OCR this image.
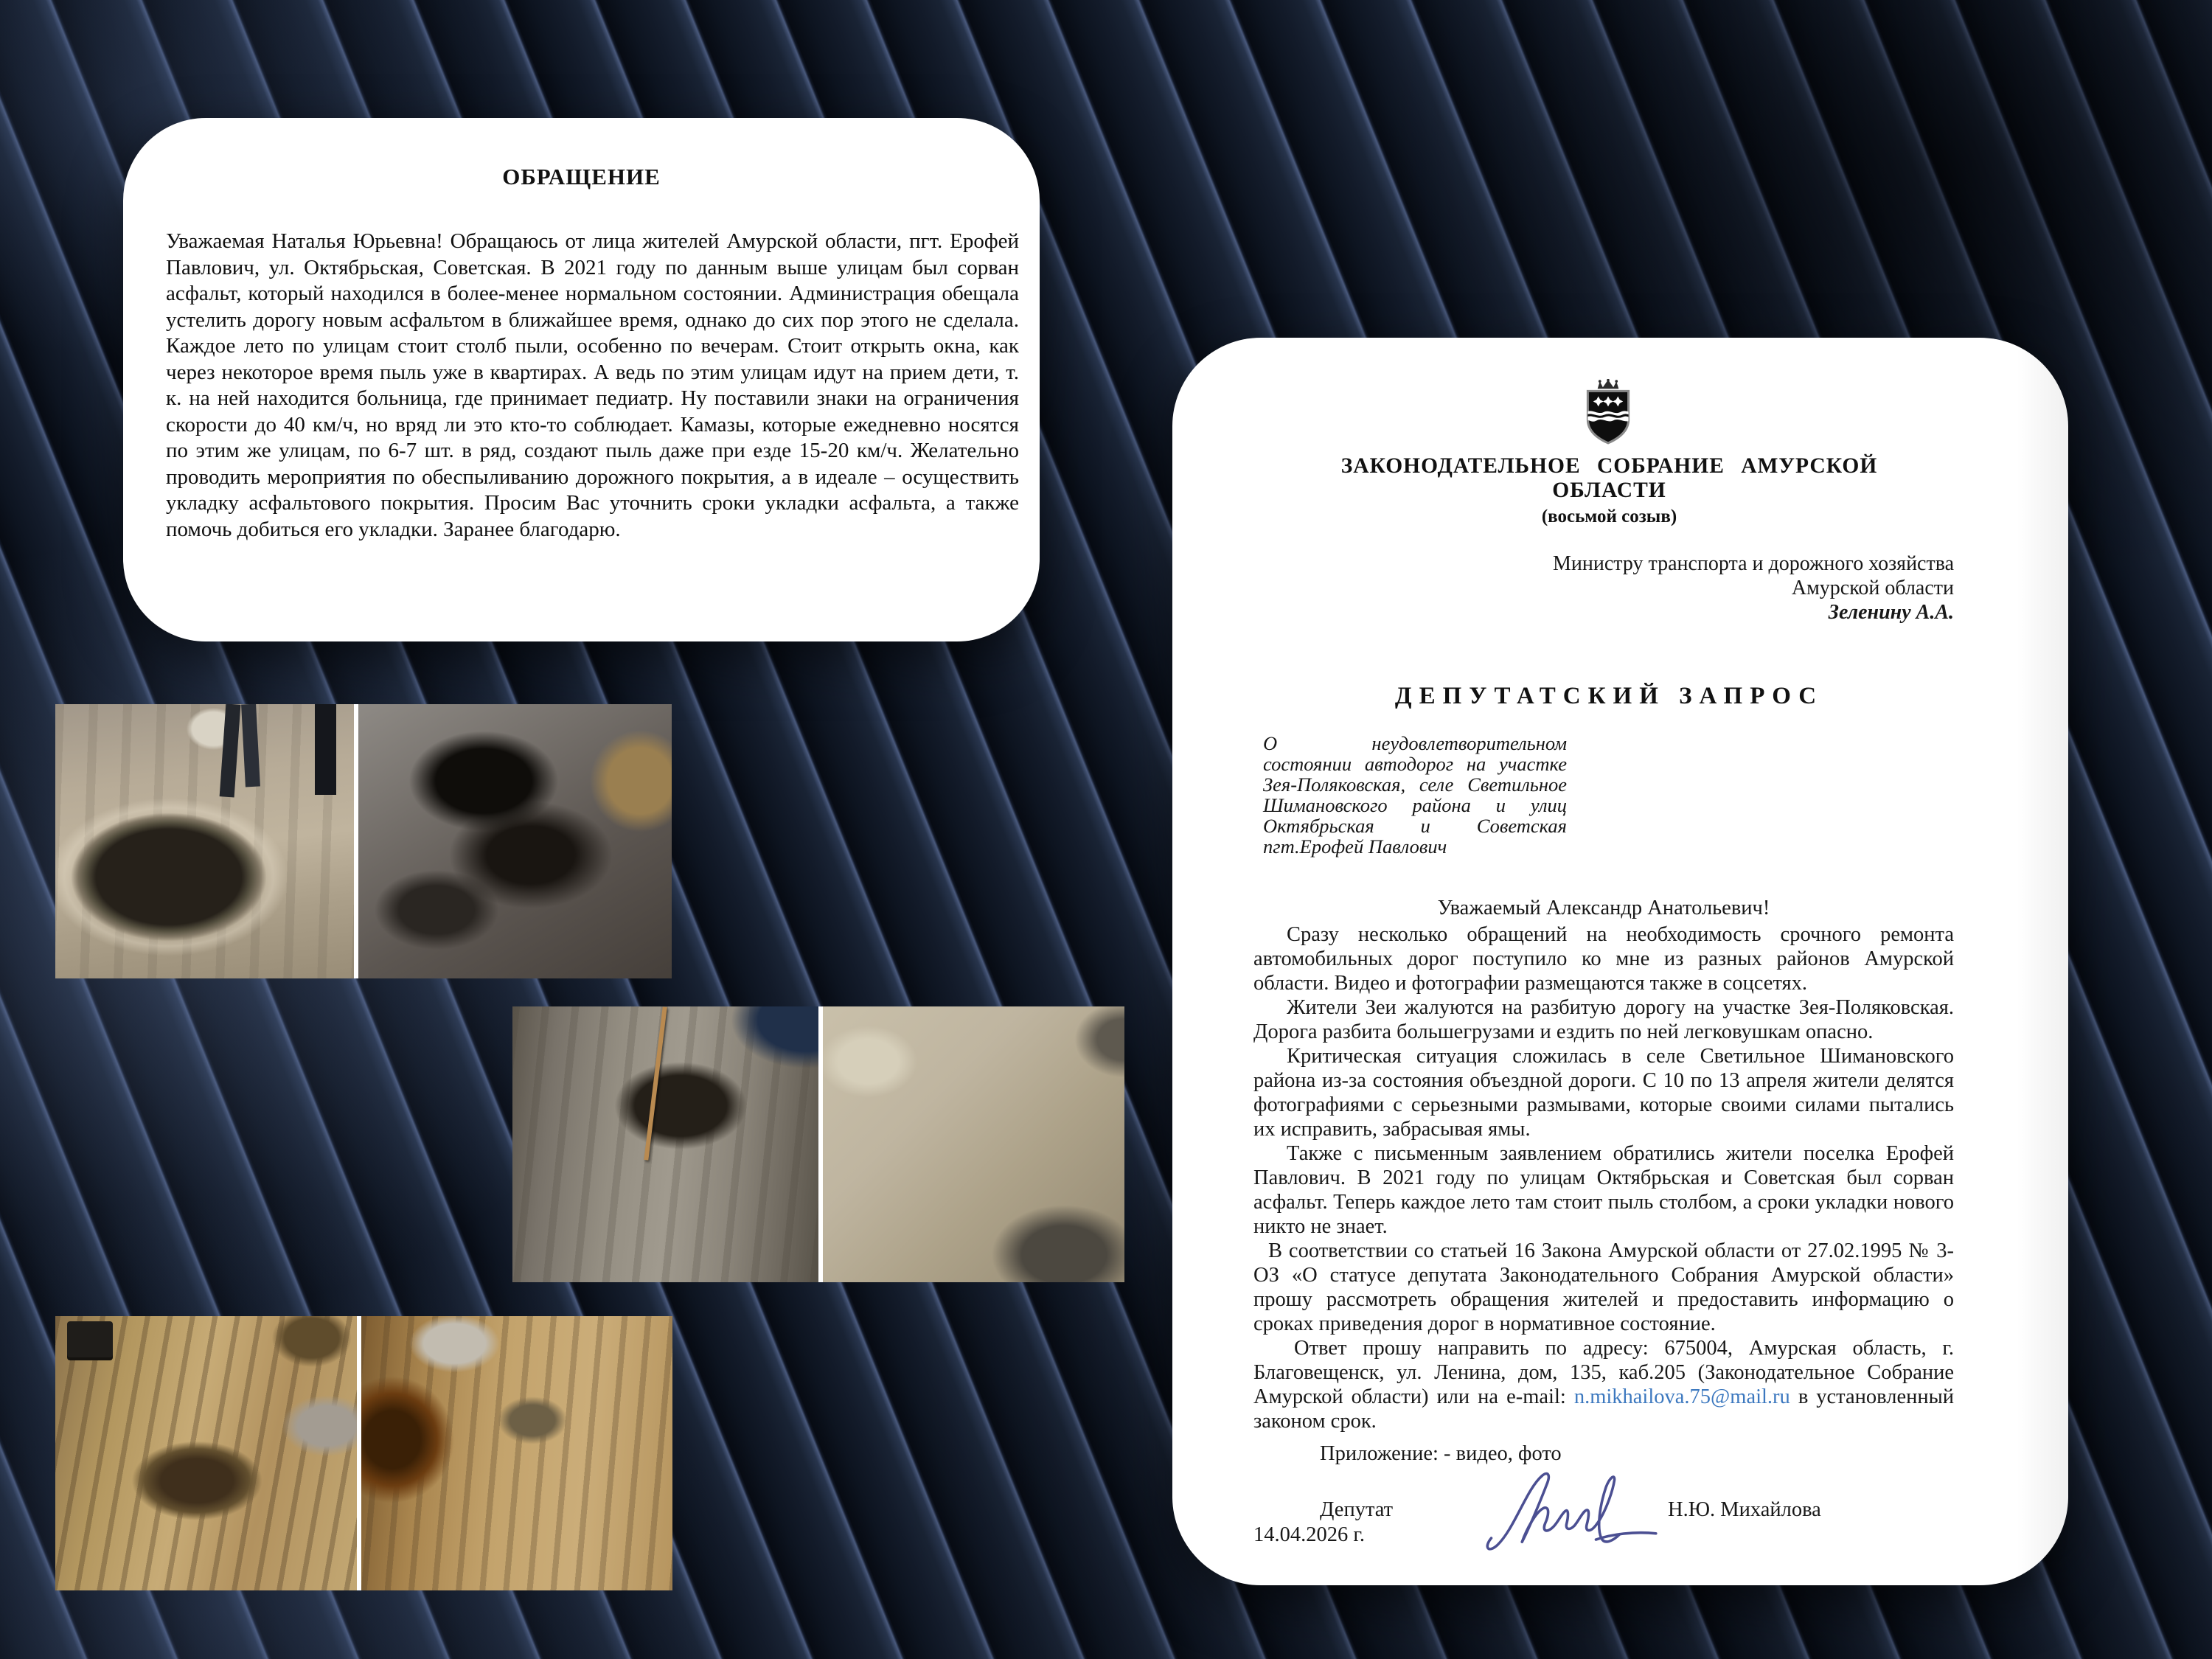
ОБРАЩЕНИЕ
Уважаемая Наталья Юрьевна! Обращаюсь от лица жителей Амурской области, пгт. Ерофей Павлович, ул. Октябрьская, Советская. В 2021 году по данным выше улицам был сорван асфальт, который находился в более-менее нормальном состоянии. Администрация обещала устелить дорогу новым асфальтом в ближайшее время, однако до сих пор этого не сделала. Каждое лето по улицам стоит столб пыли, особенно по вечерам. Стоит открыть окна, как через некоторое время пыль уже в квартирах. А ведь по этим улицам идут на прием дети, т. к. на ней находится больница, где принимает педиатр. Ну поставили знаки на ограничения скорости до 40 км/ч, но вряд ли это кто-то соблюдает. Камазы, которые ежедневно носятся по этим же улицам, по 6-7 шт. в ряд, создают пыль даже при езде 15-20 км/ч. Желательно проводить мероприятия по обеспыливанию дорожного покрытия, а в идеале – осуществить укладку асфальтового покрытия. Просим Вас уточнить сроки укладки асфальта, а также помочь добиться его укладки. Заранее благодарю.
ЗАКОНОДАТЕЛЬНОЕ СОБРАНИЕ АМУРСКОЙ ОБЛАСТИ
(восьмой созыв)
Министру транспорта и дорожного хозяйства
Амурской области
Зеленину А.А.
ДЕПУТАТСКИЙ ЗАПРОС
О неудовлетворительном состоянии автодорог на участке Зея-Поляковская, селе Светильное Шимановского района и улиц Октябрьская и Советская пгт.Ерофей Павлович
Уважаемый Александр Анатольевич!

Сразу несколько обращений на необходимость срочного ремонта автомобильных дорог поступило ко мне из разных районов Амурской области. Видео и фотографии размещаются также в соцсетях.

Жители Зеи жалуются на разбитую дорогу на участке Зея-Поляковская. Дорога разбита большегрузами и ездить по ней легковушкам опасно.

Критическая ситуация сложилась в селе Светильное Шимановского района из-за состояния объездной дороги. С 10 по 13 апреля жители делятся фотографиями с серьезными размывами, которые своими силами пытались их исправить, забрасывая ямы.

Также с письменным заявлением обратились жители поселка Ерофей Павлович. В 2021 году по улицам Октябрьская и Советская был сорван асфальт. Теперь каждое лето там стоит пыль столбом, а сроки укладки нового никто не знает.

В соответствии со статьей 16 Закона Амурской области от 27.02.1995 № 3-ОЗ «О статусе депутата Законодательного Собрания Амурской области» прошу рассмотреть обращения жителей и предоставить информацию о сроках приведения дорог в нормативное состояние.

Ответ прошу направить по адресу: 675004, Амурская область, г. Благовещенск, ул. Ленина, дом, 135, каб.205 (Законодательное Собрание Амурской области) или на e-mail: n.mikhailova.75@mail.ru в установленный законом срок.

Приложение: - видео, фото
Депутат	Н.Ю. Михайлова
14.04.2026 г.
